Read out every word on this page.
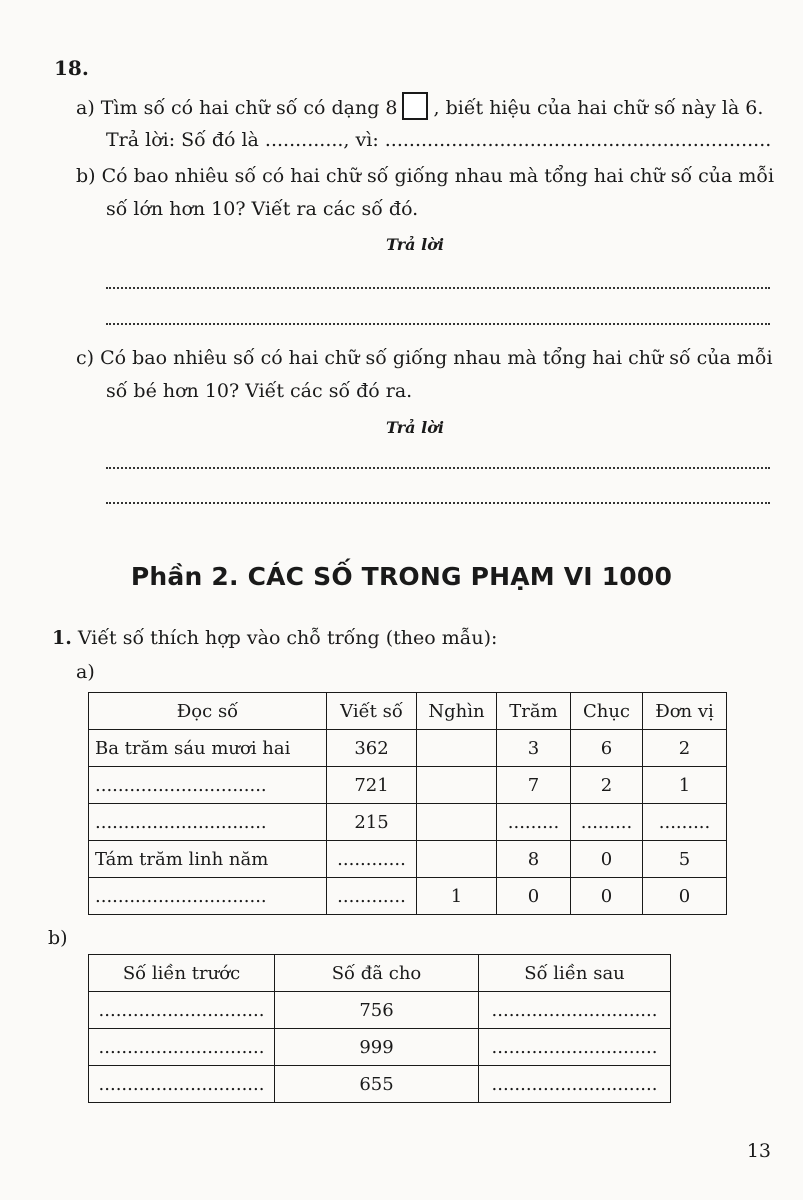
18.
a) Tìm số có hai chữ số có dạng 8 , biết hiệu của hai chữ số này là 6.
Trả lời: Số đó là ............., vì: ................................................................
b) Có bao nhiêu số có hai chữ số giống nhau mà tổng hai chữ số của mỗi
số lớn hơn 10? Viết ra các số đó.
Trả lời
c) Có bao nhiêu số có hai chữ số giống nhau mà tổng hai chữ số của mỗi
số bé hơn 10? Viết các số đó ra.
Trả lời
Phần 2. CÁC SỐ TRONG PHẠM VI 1000
1. Viết số thích hợp vào chỗ trống (theo mẫu):
a)
Đọc số	Viết số	Nghìn	Trăm	Chục	Đơn vị
Ba trăm sáu mươi hai	362		3	6	2
..............................	721		7	2	1
..............................	215		.........	.........	.........
Tám trăm linh năm	............		8	0	5
..............................	............	1	0	0	0
b)
Số liền trước	Số đã cho	Số liền sau
.............................	756	.............................
.............................	999	.............................
.............................	655	.............................
13
